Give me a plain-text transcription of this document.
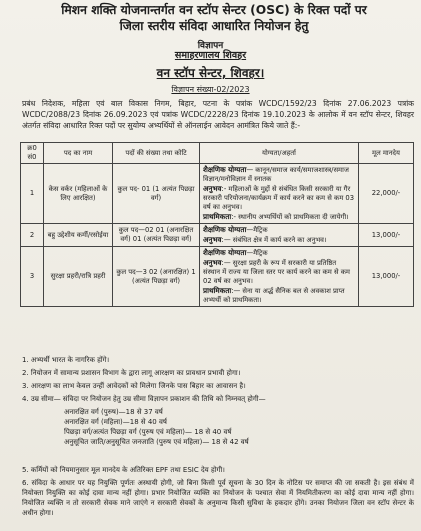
मिशन शक्ति योजनान्तर्गत वन स्टॉप सेन्टर (OSC) के रिक्त पदों पर
जिला स्तरीय संविदा आधारित नियोजन हेतु
विज्ञापन
समाहरणालय शिवहर
वन स्टॉप सेन्टर, शिवहर।
विज्ञापन संख्या-02/2023
प्रबंध निदेशक, महिला एवं बाल विकास निगम, बिहार, पटना के पत्रांक WCDC/1592/23 दिनांक 27.06.2023 पत्रांक WCDC/2088/23 दिनांक 26.09.2023 एवं पत्रांक WCDC/2228/23 दिनांक 19.10.2023 के आलोक में वन स्टॉप सेन्टर, शिवहर अंतर्गत संविदा आधारित रिक्त पदों पर सुयोग्य अभ्यर्थियों से ऑनलाईन आवेदन आमंत्रित किये जाते हैं:-
क्र0 सं0	पद का नाम	पदों की संख्या तथा कोटि	योग्यता/अहर्ता	मूल मानदेय
1	केस वर्कर (महिलाओं के लिए आरक्षित)	कुल पद- 01 (1 अत्यंत पिछड़ा वर्ग)	शैक्षणिक योग्यता— कानून/समाज कार्य/समाजशास्त्र/समाज विज्ञान/मनोविज्ञान में स्नातक
अनुभव:- महिलाओं के मुद्दों से संबंधित किसी सरकारी या गैर सरकारी परियोजना/कार्यक्रम में कार्य करने का कम से कम 03 वर्ष का अनुभव।
प्राथमिकता:- स्थानीय अभ्यर्थियों को प्राथमिकता दी जायेगी।	22,000/-
2	बहु उद्देशीय कर्मी/रसोईया	कुल पद—02 01 (अनारक्षित वर्ग) 01 (अत्यंत पिछड़ा वर्ग)	शैक्षणिक योग्यता—मैट्रिक
अनुभव:— संबंधित क्षेत्र में कार्य करने का अनुभव।	13,000/-
3	सुरक्षा प्रहरी/रात्रि प्रहरी	कुल पद—3 02 (अनारक्षित) 1 (अत्यंत पिछड़ा वर्ग)	शैक्षणिक योग्यता—मैट्रिक
अनुभव:— सुरक्षा प्रहरी के रूप में सरकारी या प्रतिष्ठित संस्थान में राज्य या जिला स्तर पर कार्य करने का कम से कम 02 वर्ष का अनुभव।
प्राथमिकता:— सेना या अर्द्ध सैनिक बल से अवकाश प्राप्त अभ्यर्थी को प्राथमिकता।	13,000/-

1. अभ्यर्थी भारत के नागरिक होंगे।

2. नियोजन में सामान्य प्रशासन विभाग के द्वारा लागू आरक्षण का प्रावधान प्रभावी होगा।

3. आरक्षण का लाभ केवल उन्हीं आवेदकों को मिलेगा जिनके पास बिहार का आवासन है।

4. उम्र सीमा— संविदा पर नियोजन हेतु उम्र सीमा विज्ञापन प्रकाशन की तिथि को निम्नवत् होगी—

अनारक्षित वर्ग (पुरुष)—18 से 37 वर्ष
अनारक्षित वर्ग (महिला)—18 से 40 वर्ष
पिछड़ा वर्ग/अत्यंत पिछड़ा वर्ग (पुरुष एवं महिला)— 18 से 40 वर्ष
अनुसूचित जाति/अनुसूचित जनजाति (पुरुष एवं महिला)— 18 से 42 वर्ष

5. कर्मियों को नियमानुसार मूल मानदेय के अतिरिक्त EPF तथा ESIC देय होगी।

6. संविदा के आधार पर यह नियुक्ति पूर्णतः अस्थायी होगी, जो बिना किसी पूर्व सूचना के 30 दिन के नोटिस पर समाप्त की जा सकती है। इस संबंध में नियोक्ता नियुक्ति का कोई दावा मान्य नहीं होगा। प्रभार नियोजित व्यक्ति का नियोजन के पश्चात सेवा में नियमितीकरण का कोई दावा मान्य नहीं होगा। नियोजित व्यक्ति न तो सरकारी सेवक माने जाएंगे न सरकारी सेवकों के अनुमान्य किसी सुविधा के हकदार होंगे। उनका नियोजन जिला वन स्टॉप सेन्टर के अधीन होगा।
